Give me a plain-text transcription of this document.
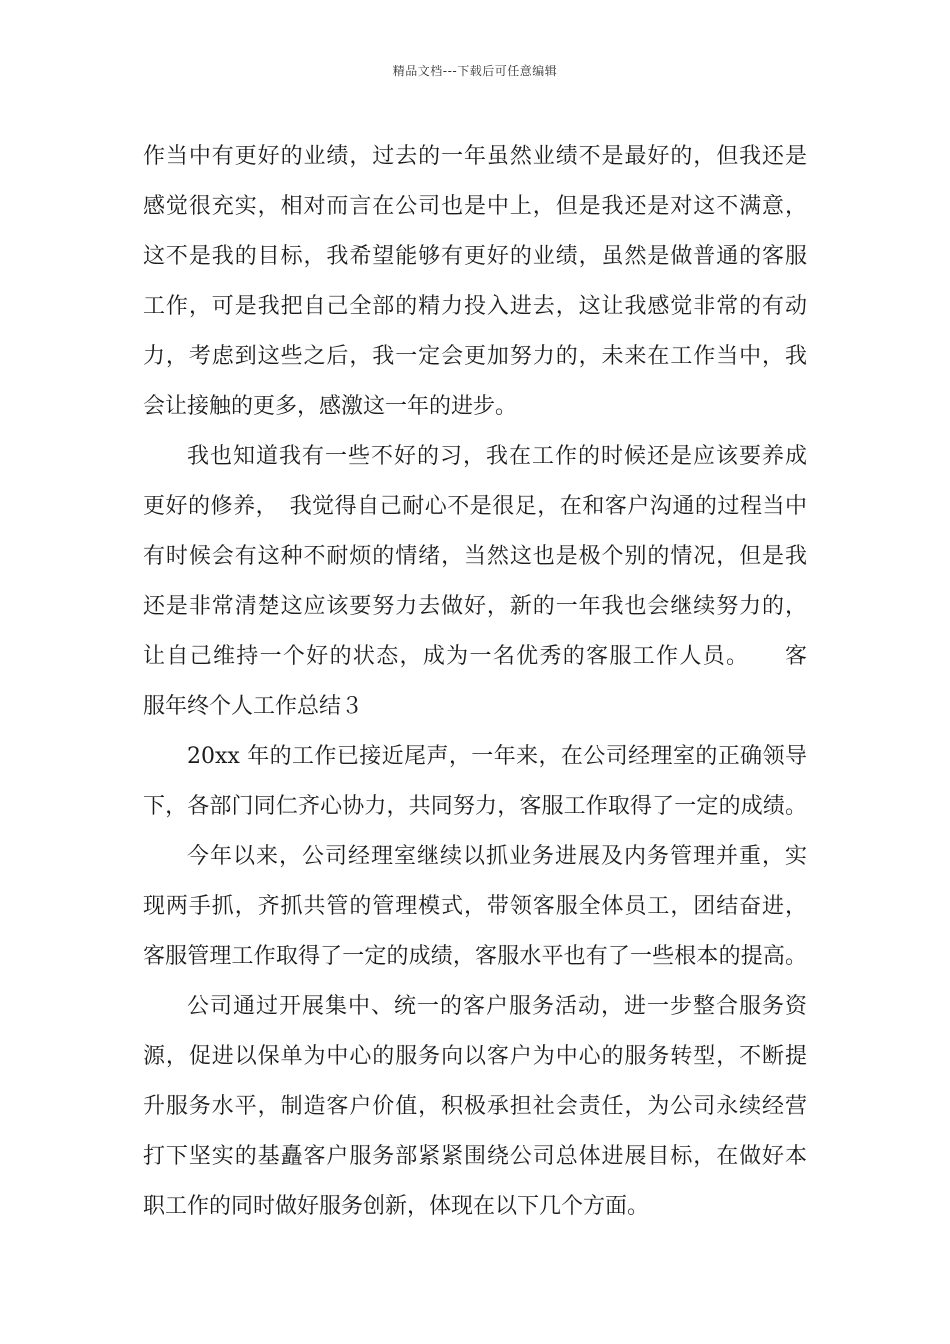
精品文档---下载后可任意编辑
作当中有更好的业绩，过去的一年虽然业绩不是最好的，但我还是
感觉很充实，相对而言在公司也是中上，但是我还是对这不满意，
这不是我的目标，我希望能够有更好的业绩，虽然是做普通的客服
工作，可是我把自己全部的精力投入进去，这让我感觉非常的有动
力，考虑到这些之后，我一定会更加努力的，未来在工作当中，我
会让接触的更多，感激这一年的进步。
我也知道我有一些不好的习，我在工作的时候还是应该要养成
更好的修养，　我觉得自己耐心不是很足，在和客户沟通的过程当中
有时候会有这种不耐烦的情绪，当然这也是极个别的情况，但是我
还是非常清楚这应该要努力去做好，新的一年我也会继续努力的，
让自己维持一个好的状态，成为一名优秀的客服工作人员。　　客
服年终个人工作总结３
20xx 年的工作已接近尾声，一年来，在公司经理室的正确领导
下，各部门同仁齐心协力，共同努力，客服工作取得了一定的成绩。
今年以来，公司经理室继续以抓业务进展及内务管理并重，实
现两手抓，齐抓共管的管理模式，带领客服全体员工，团结奋进，
客服管理工作取得了一定的成绩，客服水平也有了一些根本的提高。
公司通过开展集中、统一的客户服务活动，进一步整合服务资
源，促进以保单为中心的服务向以客户为中心的服务转型，不断提
升服务水平，制造客户价值，积极承担社会责任，为公司永续经营
打下坚实的基矗客户服务部紧紧围绕公司总体进展目标，在做好本
职工作的同时做好服务创新，体现在以下几个方面。
